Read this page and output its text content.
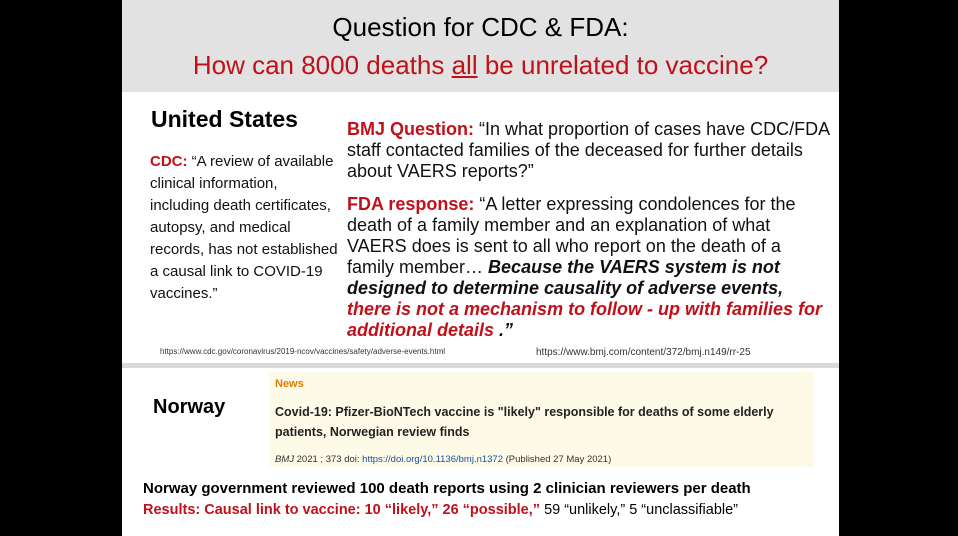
Question for CDC & FDA:
How can 8000 deaths all be unrelated to vaccine?
United States
CDC: “A review of available clinical information, including death certificates, autopsy, and medical records, has not established a causal link to COVID-19 vaccines.”
BMJ Question: “In what proportion of cases have CDC/FDA staff contacted families of the deceased for further details about VAERS reports?”
FDA response: “A letter expressing condolences for the death of a family member and an explanation of what VAERS does is sent to all who report on the death of a family member… Because the VAERS system is not designed to determine causality of adverse events, there is not a mechanism to follow - up with families for additional details .”
https://www.cdc.gov/coronavirus/2019-ncov/vaccines/safety/adverse-events.html	https://www.bmj.com/content/372/bmj.n149/rr-25
Norway
News
Covid-19: Pfizer-BioNTech vaccine is "likely" responsible for deaths of some elderly patients, Norwegian review finds
BMJ 2021 ; 373 doi: https://doi.org/10.1136/bmj.n1372 (Published 27 May 2021)
Norway government reviewed 100 death reports using 2 clinician reviewers per death
Results: Causal link to vaccine: 10 “likely,” 26 “possible,” 59 “unlikely,” 5 “unclassifiable”
